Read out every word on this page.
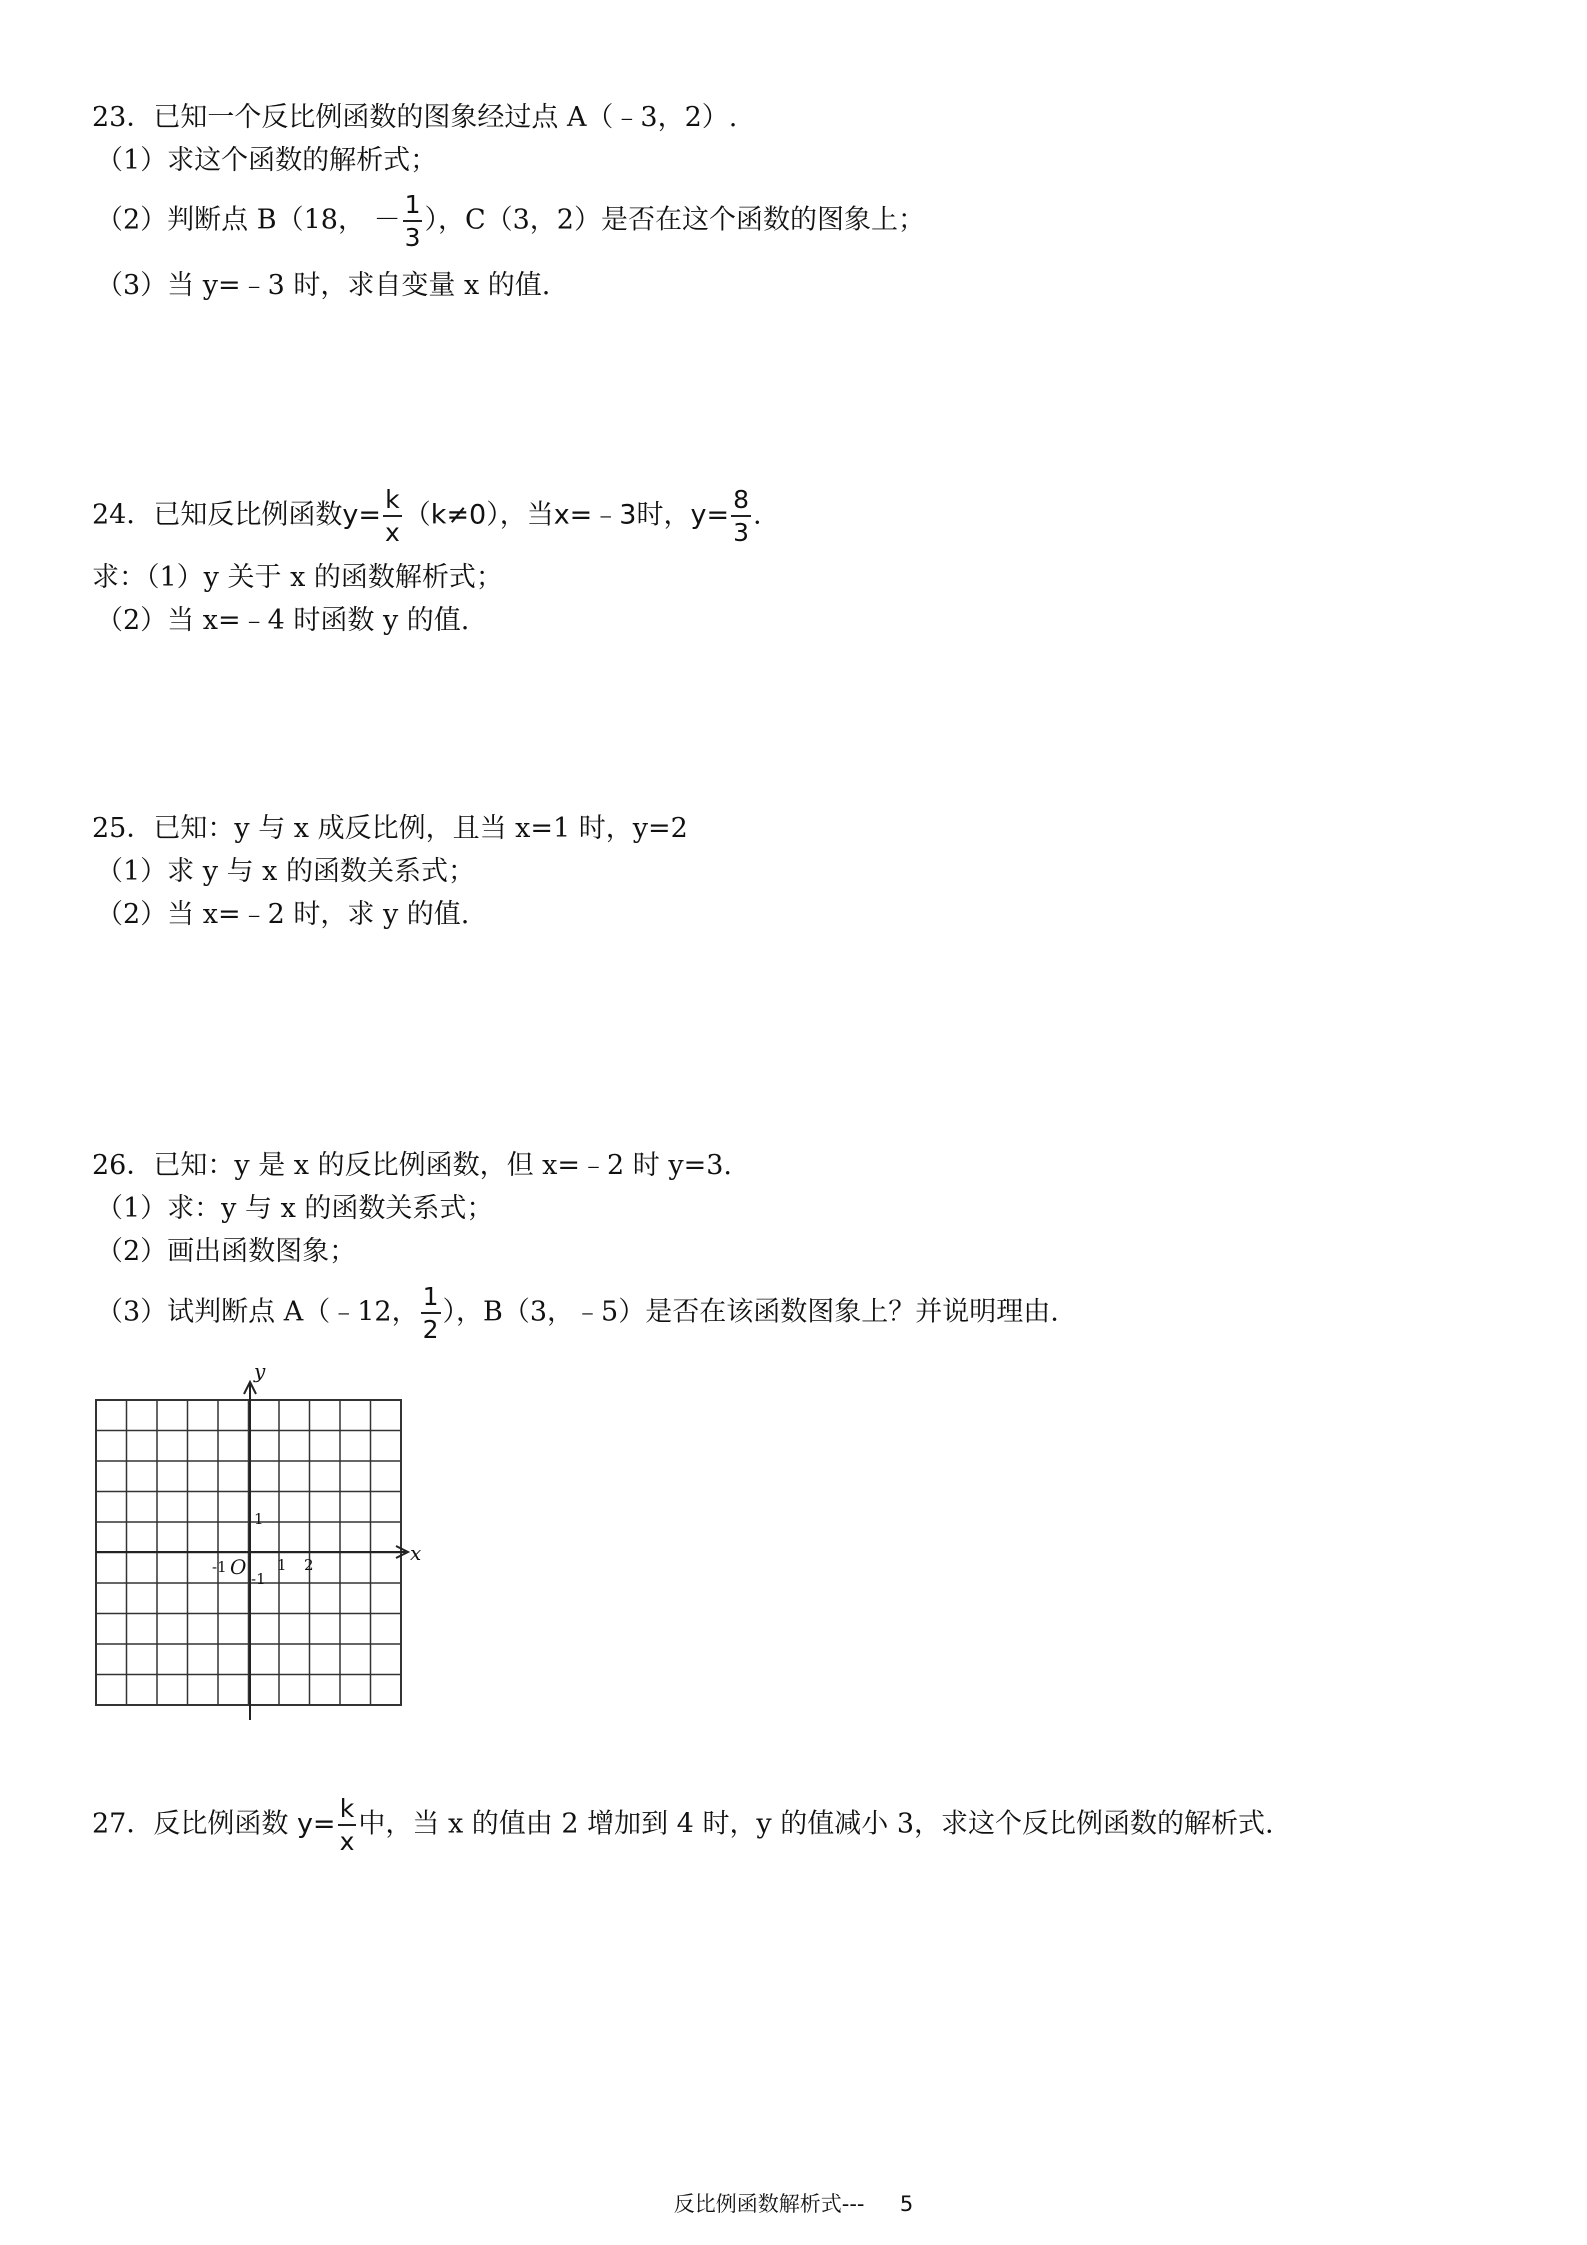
23．已知一个反比例函数的图象经过点 A（﹣3，2）.
（1）求这个函数的解析式；
（2）判断点 B（18， － $\frac{1}{3}$ ），C（3，2）是否在这个函数的图象上；
（3）当 y=﹣3 时，求自变量 x 的值.
24．已知反比例函数$y= \frac{k}{x} (k\ne 0)$，当x=﹣3时，$y= \frac{8}{3}$ .
求：（1）y 关于 x 的函数解析式；
（2）当 x=﹣4 时函数 y 的值.
25．已知：y 与 x 成反比例，且当 x=1 时，y=2
（1）求 y 与 x 的函数关系式；
（2）当 x=﹣2 时，求 y 的值.
26．已知：y 是 x 的反比例函数，但 x=﹣2 时 y=3.
（1）求：y 与 x 的函数关系式；
（2）画出函数图象；
（3）试判断点 A（﹣12， $\frac{1}{2}$ ），B（3，﹣5）是否在该函数图象上？并说明理由.
y
x
O
-1	1 2
1
-1
27．反比例函数 $y= \frac{k}{x}$ 中，当 x 的值由 2 增加到 4 时，y 的值减小 3，求这个反比例函数的解析式.
反比例函数解析式--- 5
